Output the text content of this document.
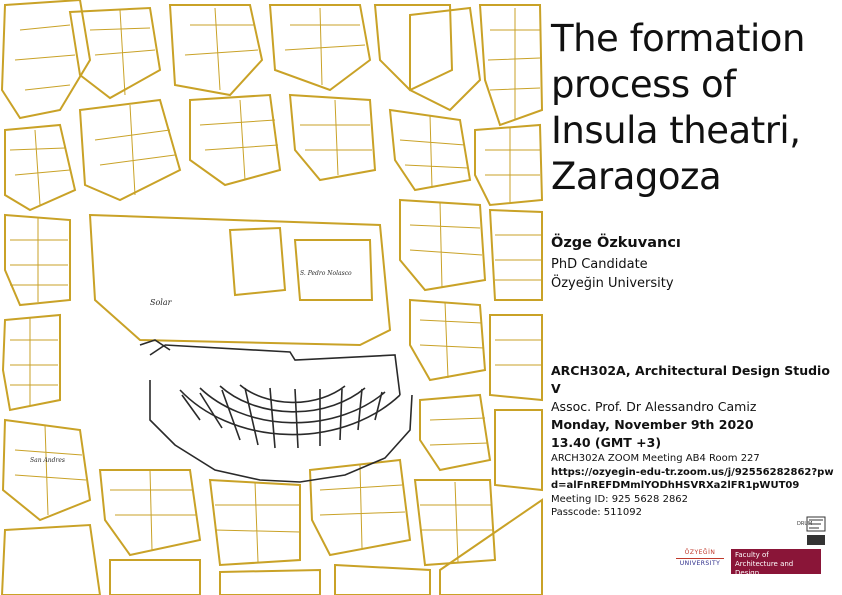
Solar
S. Pedro Nolasco
San Andres
The formation
process of
Insula theatri,
Zaragoza
Özge Özkuvancı
PhD Candidate
Özyeğin University
ARCH302A, Architectural Design Studio V
Assoc. Prof. Dr Alessandro Camiz
Monday, November 9th 2020
13.40 (GMT +3)
ARCH302A ZOOM Meeting AB4 Room 227
https://ozyegin-edu-tr.zoom.us/j/92556282862?pwd=alFnREFDMmlYODhHSVRXa2lFR1pWUT09
Meeting ID: 925 5628 2862
Passcode: 511092
DRUM
ÖZYEĞİN
UNIVERSITY
Faculty of
Architecture and Design
